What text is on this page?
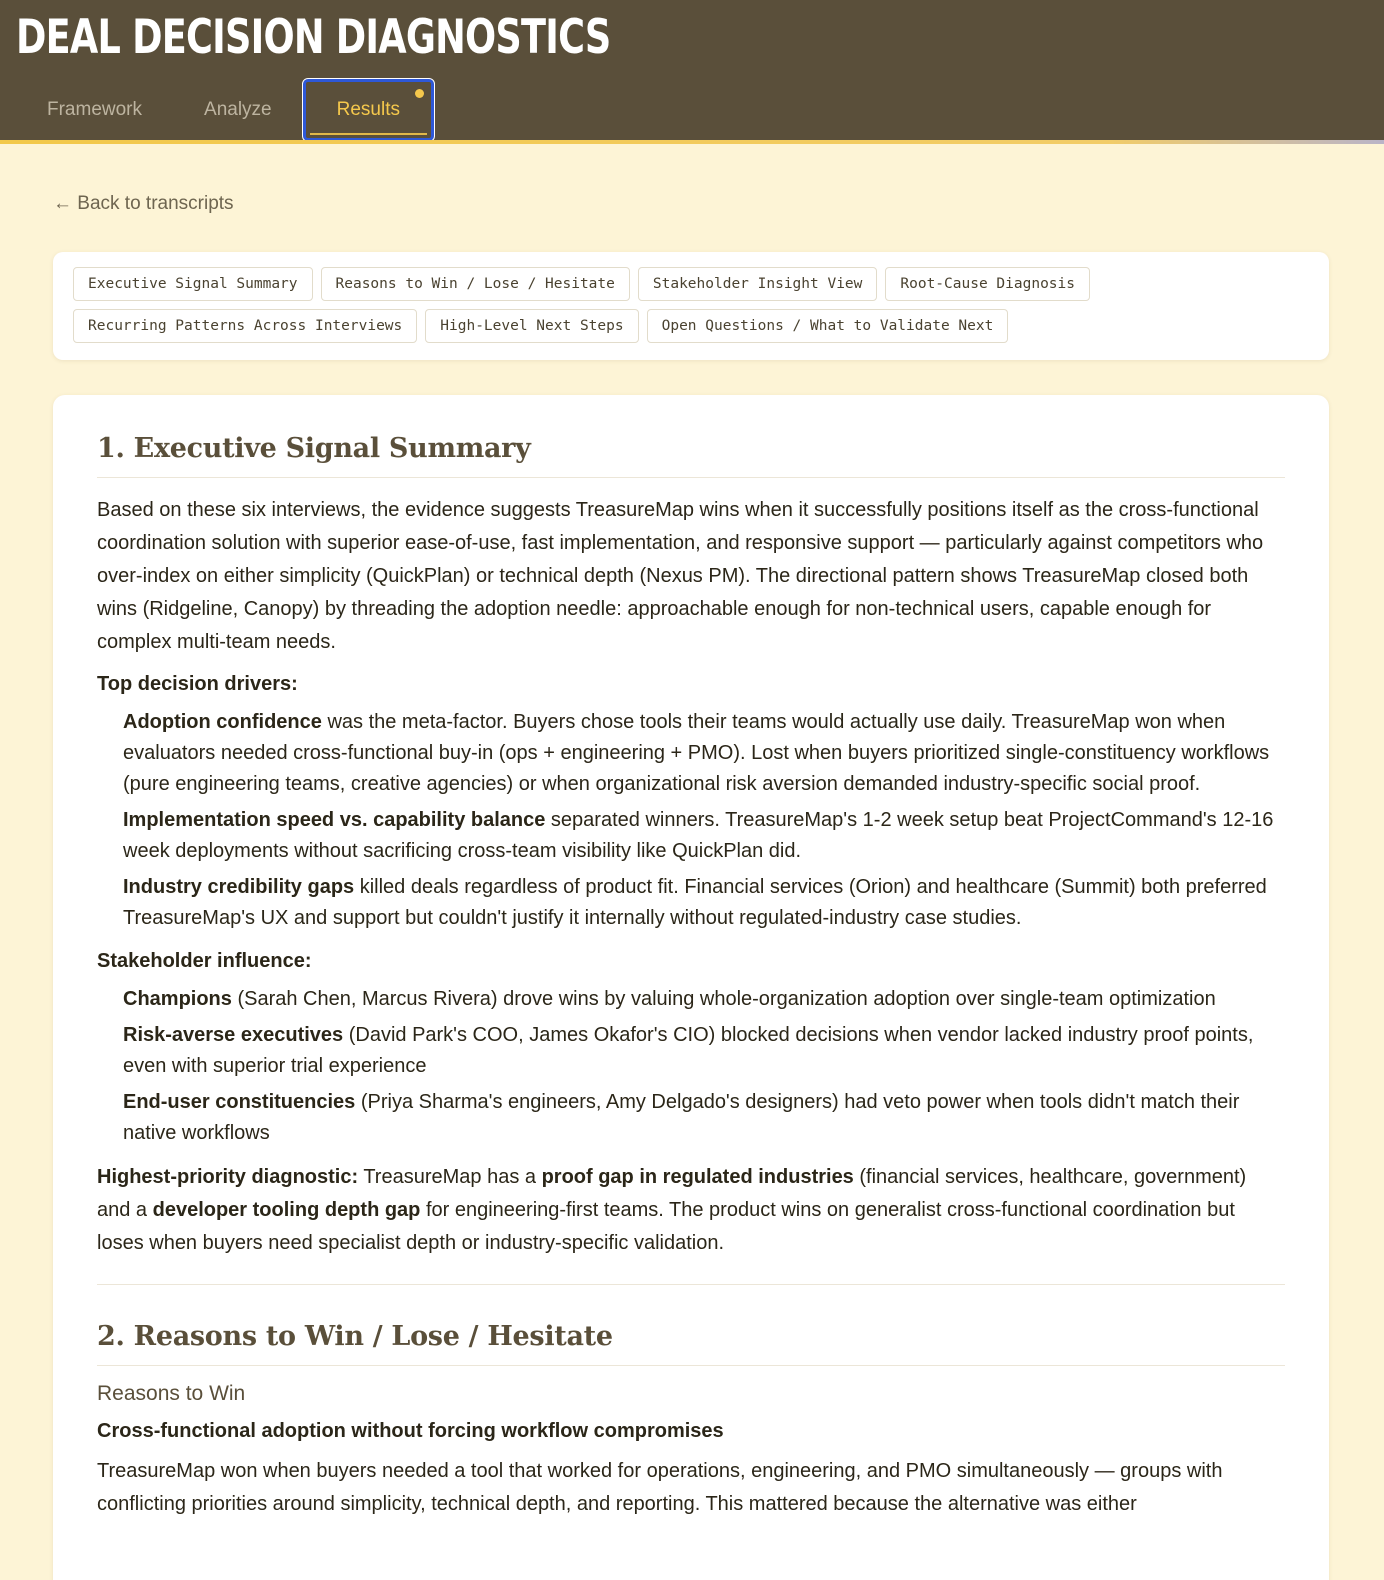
DEAL DECISION DIAGNOSTICS
Framework	Analyze	Results
← Back to transcripts
Executive Signal Summary	Reasons to Win / Lose / Hesitate	Stakeholder Insight View	Root-Cause Diagnosis
Recurring Patterns Across Interviews	High-Level Next Steps	Open Questions / What to Validate Next
1. Executive Signal Summary

Based on these six interviews, the evidence suggests TreasureMap wins when it successfully positions itself as the cross-functional coordination solution with superior ease-of-use, fast implementation, and responsive support — particularly against competitors who over-index on either simplicity (QuickPlan) or technical depth (Nexus PM). The directional pattern shows TreasureMap closed both wins (Ridgeline, Canopy) by threading the adoption needle: approachable enough for non-technical users, capable enough for complex multi-team needs.

Top decision drivers:
Adoption confidence was the meta-factor. Buyers chose tools their teams would actually use daily. TreasureMap won when evaluators needed cross-functional buy-in (ops + engineering + PMO). Lost when buyers prioritized single-constituency workflows (pure engineering teams, creative agencies) or when organizational risk aversion demanded industry-specific social proof.
Implementation speed vs. capability balance separated winners. TreasureMap's 1-2 week setup beat ProjectCommand's 12-16 week deployments without sacrificing cross-team visibility like QuickPlan did.
Industry credibility gaps killed deals regardless of product fit. Financial services (Orion) and healthcare (Summit) both preferred TreasureMap's UX and support but couldn't justify it internally without regulated-industry case studies.
Stakeholder influence:
Champions (Sarah Chen, Marcus Rivera) drove wins by valuing whole-organization adoption over single-team optimization
Risk-averse executives (David Park's COO, James Okafor's CIO) blocked decisions when vendor lacked industry proof points, even with superior trial experience
End-user constituencies (Priya Sharma's engineers, Amy Delgado's designers) had veto power when tools didn't match their native workflows

Highest-priority diagnostic: TreasureMap has a proof gap in regulated industries (financial services, healthcare, government) and a developer tooling depth gap for engineering-first teams. The product wins on generalist cross-functional coordination but loses when buyers need specialist depth or industry-specific validation.

2. Reasons to Win / Lose / Hesitate
Reasons to Win
Cross-functional adoption without forcing workflow compromises

TreasureMap won when buyers needed a tool that worked for operations, engineering, and PMO simultaneously — groups with conflicting priorities around simplicity, technical depth, and reporting. This mattered because the alternative was either
